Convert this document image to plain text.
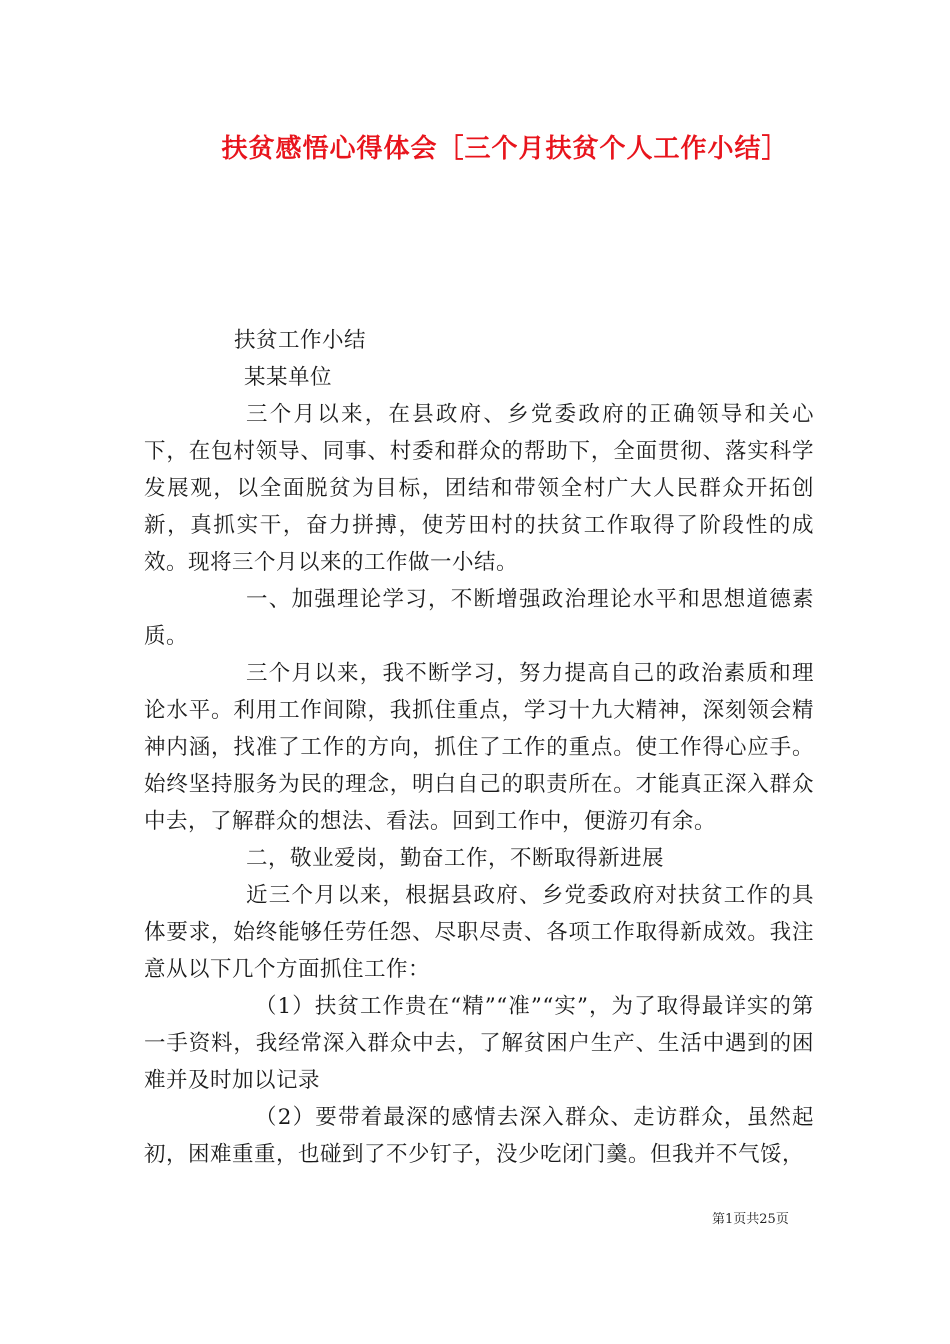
扶贫感悟心得体会［三个月扶贫个人工作小结］

扶贫工作小结

某某单位

三个月以来，在县政府、乡党委政府的正确领导和关心下，在包村领导、同事、村委和群众的帮助下，全面贯彻、落实科学发展观，以全面脱贫为目标，团结和带领全村广大人民群众开拓创新，真抓实干，奋力拼搏，使芳田村的扶贫工作取得了阶段性的成效。现将三个月以来的工作做一小结。

一、加强理论学习，不断增强政治理论水平和思想道德素质。

三个月以来，我不断学习，努力提高自己的政治素质和理论水平。利用工作间隙，我抓住重点，学习十九大精神，深刻领会精神内涵，找准了工作的方向，抓住了工作的重点。使工作得心应手。始终坚持服务为民的理念，明白自己的职责所在。才能真正深入群众中去，了解群众的想法、看法。回到工作中，便游刃有余。

二，敬业爱岗，勤奋工作，不断取得新进展

近三个月以来，根据县政府、乡党委政府对扶贫工作的具体要求，始终能够任劳任怨、尽职尽责、各项工作取得新成效。我注意从以下几个方面抓住工作：

（1）扶贫工作贵在“精”“准”“实”，为了取得最详实的第一手资料，我经常深入群众中去，了解贫困户生产、生活中遇到的困难并及时加以记录

（2）要带着最深的感情去深入群众、走访群众，虽然起初，困难重重，也碰到了不少钉子，没少吃闭门羹。但我并不气馁，

第1页共25页
